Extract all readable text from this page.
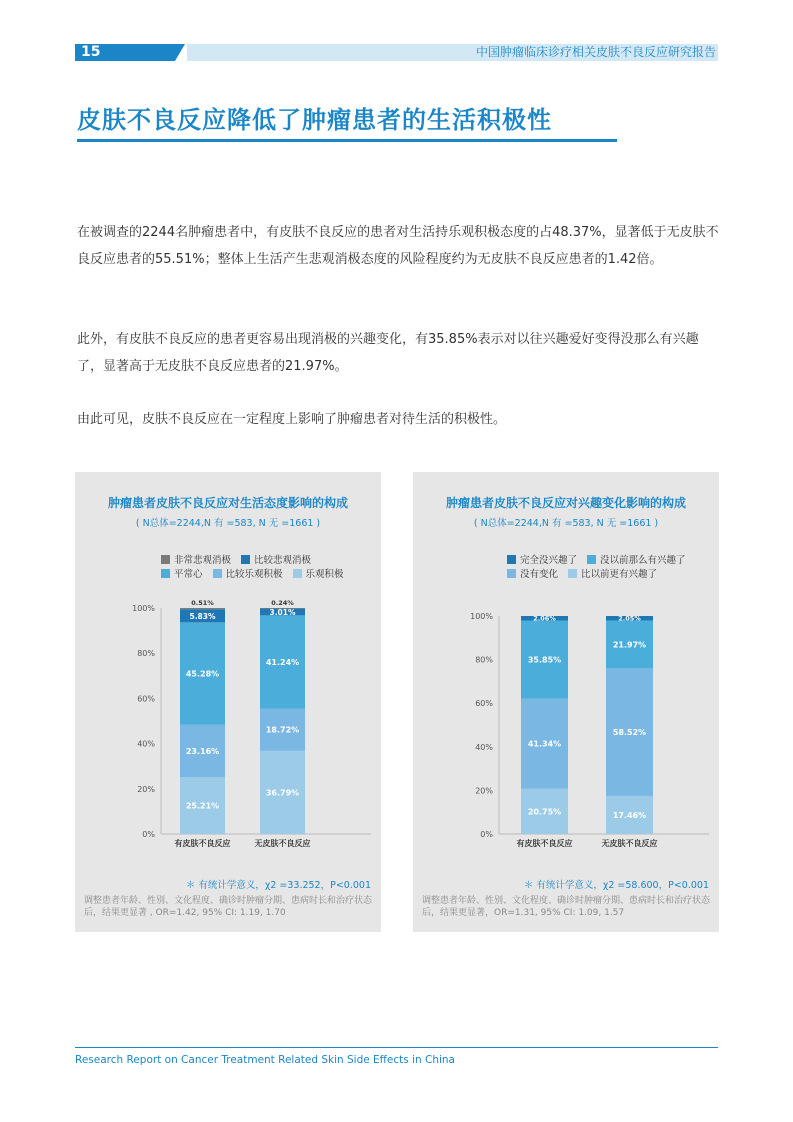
15	中国肿瘤临床诊疗相关皮肤不良反应研究报告
皮肤不良反应降低了肿瘤患者的生活积极性
在被调查的2244名肿瘤患者中，有皮肤不良反应的患者对生活持乐观积极态度的占48.37%，显著低于无皮肤不良反应患者的55.51%；整体上生活产生悲观消极态度的风险程度约为无皮肤不良反应患者的1.42倍。
此外，有皮肤不良反应的患者更容易出现消极的兴趣变化，有35.85%表示对以往兴趣爱好变得没那么有兴趣了，显著高于无皮肤不良反应患者的21.97%。
由此可见，皮肤不良反应在一定程度上影响了肿瘤患者对待生活的积极性。
肿瘤患者皮肤不良反应对生活态度影响的构成
( N总体=2244,N 有 =583, N 无 =1661 )
非常悲观消极 比较悲观消极
平常心 比较乐观积极 乐观积极
0%
20%
40%
60%
80%
100%
25.21%
23.16%
45.28%
5.83%
0.51%
有皮肤不良反应
36.79%
18.72%
41.24%
3.01%
0.24%
无皮肤不良反应
＊ 有统计学意义，χ2 =33.252，P<0.001
调整患者年龄、性别、文化程度、确诊时肿瘤分期、患病时长和治疗状态后，结果更显著 , OR=1.42, 95% CI: 1.19, 1.70
肿瘤患者皮肤不良反应对兴趣变化影响的构成
( N总体=2244,N 有 =583, N 无 =1661 )
完全没兴趣了 没以前那么有兴趣了
没有变化 比以前更有兴趣了
0%
20%
40%
60%
80%
100%
20.75%
41.34%
35.85%
2.06%
有皮肤不良反应
17.46%
58.52%
21.97%
2.05%
无皮肤不良反应
＊ 有统计学意义，χ2 =58.600，P<0.001
调整患者年龄、性别、文化程度、确诊时肿瘤分期、患病时长和治疗状态后，结果更显著，OR=1.31, 95% CI: 1.09, 1.57
Research Report on Cancer Treatment Related Skin Side Effects in China
